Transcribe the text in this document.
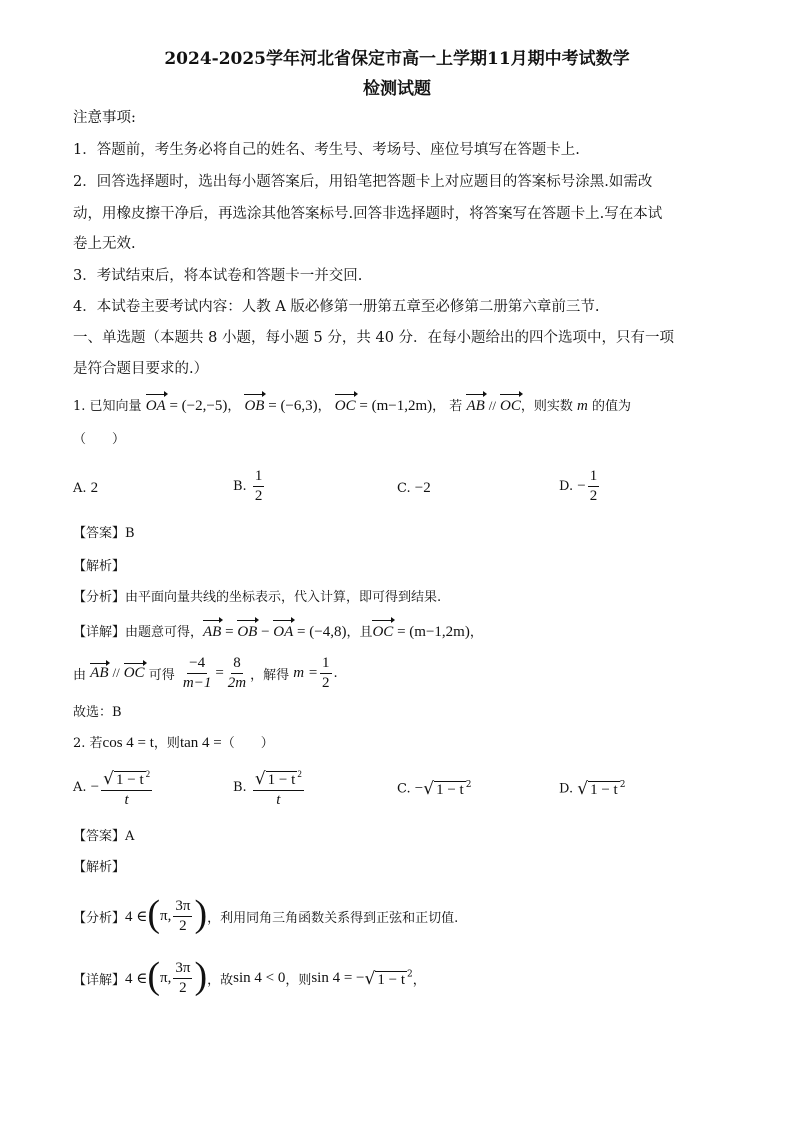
2024-2025学年河北省保定市高一上学期11月期中考试数学
检测试题
注意事项:
1．答题前，考生务必将自己的姓名、考生号、考场号、座位号填写在答题卡上.
2．回答选择题时，选出每小题答案后，用铅笔把答题卡上对应题目的答案标号涂黑.如需改
动，用橡皮擦干净后，再选涂其他答案标号.回答非选择题时，将答案写在答题卡上.写在本试
卷上无效.
3．考试结束后，将本试卷和答题卡一并交回.
4．本试卷主要考试内容：人教 A 版必修第一册第五章至必修第二册第六章前三节.
一、单选题（本题共 8 小题，每小题 5 分，共 40 分．在每小题给出的四个选项中，只有一项
是符合题目要求的.）
1. 已知向量 OA = (−2,−5)， OB = (−6,3)， OC = (m−1,2m)， 若 AB // OC，则实数 m 的值为
（　　）
A. 2	B. $\frac{1}{2}$	C. −2	D. − $\frac{1}{2}$
【答案】B
【解析】
【分析】由平面向量共线的坐标表示，代入计算，即可得到结果.
【详解】由题意可得，AB = OB − OA = (−4,8)，且OC = (m−1,2m)，
由 AB // OC 可得 $\frac{-4}{m-1} = \frac{8}{2m}$ ，解得 $m = \frac{1}{2}$ .
故选：B
2. 若cos 4 = t，则tan 4 =（　　）
A. − $\frac{√ 1 - t ^2}{t}$	B. $\frac{√ 1 - t ^2}{t}$	C. −√ 1 − t $^2$	D. √ 1 − t $^2$
【答案】A
【解析】
【分析】4 ∈(π, $\frac{3\pi}{2}$ )，利用同角三角函数关系得到正弦和正切值.
【详解】4 ∈(π, $\frac{3\pi}{2}$ )，故sin 4 < 0，则sin 4 = −√ 1 − t $^2$，
